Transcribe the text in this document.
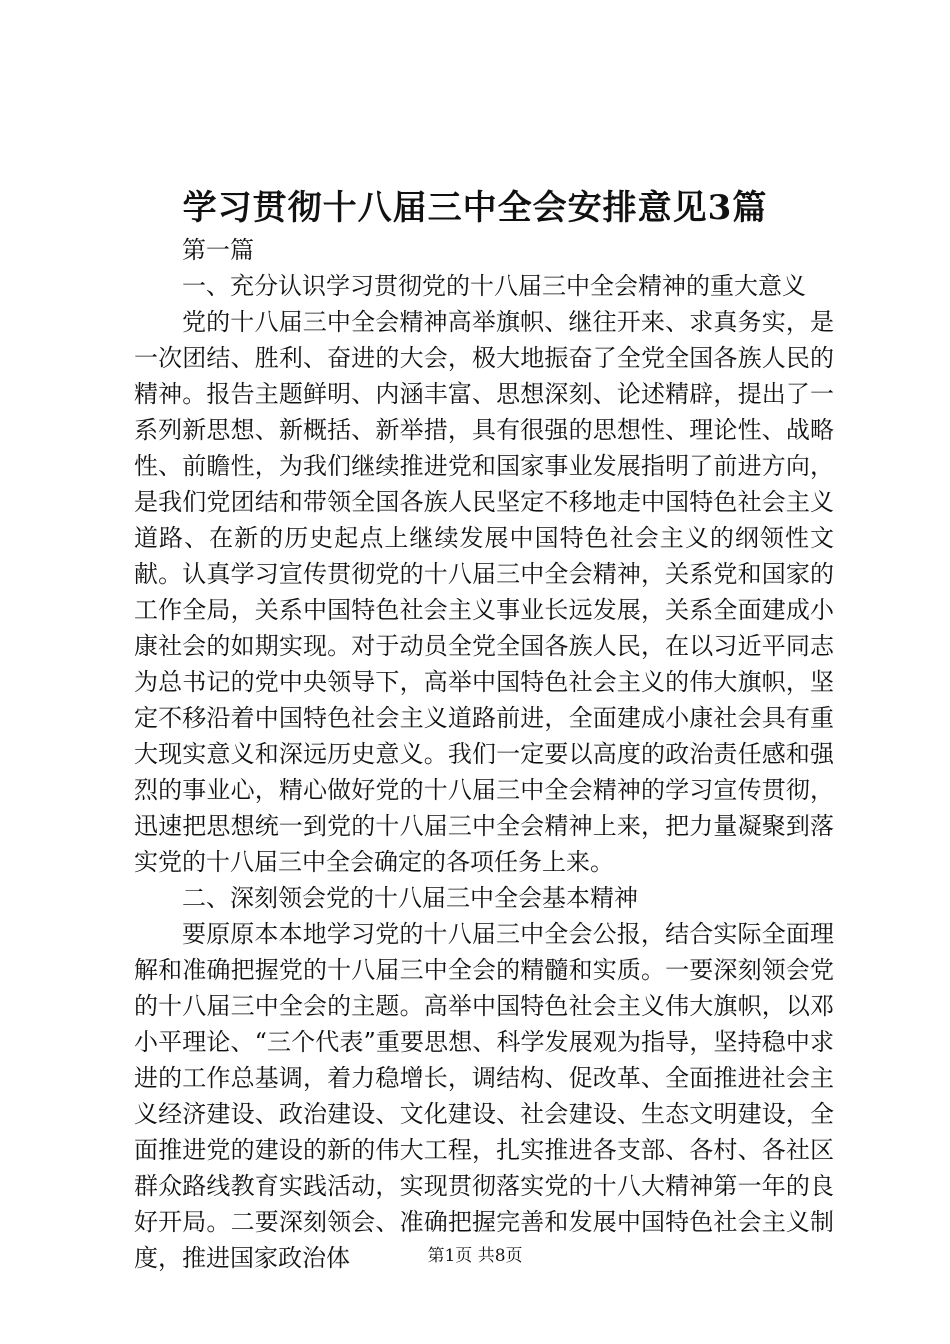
学习贯彻十八届三中全会安排意见3篇

第一篇

一、充分认识学习贯彻党的十八届三中全会精神的重大意义

党的十八届三中全会精神高举旗帜、继往开来、求真务实，是一次团结、胜利、奋进的大会，极大地振奋了全党全国各族人民的精神。报告主题鲜明、内涵丰富、思想深刻、论述精辟，提出了一系列新思想、新概括、新举措，具有很强的思想性、理论性、战略性、前瞻性，为我们继续推进党和国家事业发展指明了前进方向，是我们党团结和带领全国各族人民坚定不移地走中国特色社会主义道路、在新的历史起点上继续发展中国特色社会主义的纲领性文献。认真学习宣传贯彻党的十八届三中全会精神，关系党和国家的工作全局，关系中国特色社会主义事业长远发展，关系全面建成小康社会的如期实现。对于动员全党全国各族人民，在以习近平同志为总书记的党中央领导下，高举中国特色社会主义的伟大旗帜，坚定不移沿着中国特色社会主义道路前进，全面建成小康社会具有重大现实意义和深远历史意义。我们一定要以高度的政治责任感和强烈的事业心，精心做好党的十八届三中全会精神的学习宣传贯彻，迅速把思想统一到党的十八届三中全会精神上来，把力量凝聚到落实党的十八届三中全会确定的各项任务上来。

二、深刻领会党的十八届三中全会基本精神

要原原本本地学习党的十八届三中全会公报，结合实际全面理解和准确把握党的十八届三中全会的精髓和实质。一要深刻领会党的十八届三中全会的主题。高举中国特色社会主义伟大旗帜，以邓小平理论、“三个代表”重要思想、科学发展观为指导，坚持稳中求进的工作总基调，着力稳增长，调结构、促改革、全面推进社会主义经济建设、政治建设、文化建设、社会建设、生态文明建设，全面推进党的建设的新的伟大工程，扎实推进各支部、各村、各社区群众路线教育实践活动，实现贯彻落实党的十八大精神第一年的良好开局。二要深刻领会、准确把握完善和发展中国特色社会主义制度，推进国家政治体	第1页 共8页
